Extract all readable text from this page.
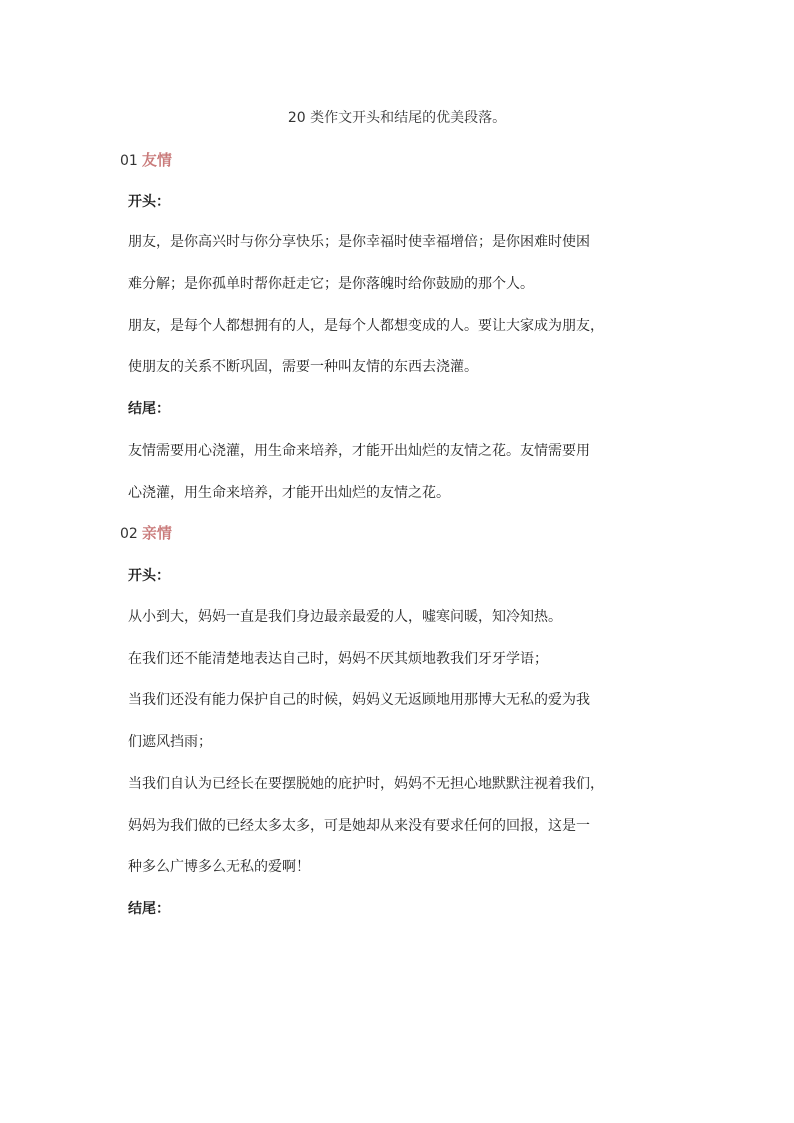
20 类作文开头和结尾的优美段落。
01 友情
开头：
朋友，是你高兴时与你分享快乐；是你幸福时使幸福增倍；是你困难时使困
难分解；是你孤单时帮你赶走它；是你落魄时给你鼓励的那个人。
朋友，是每个人都想拥有的人，是每个人都想变成的人。要让大家成为朋友，
使朋友的关系不断巩固，需要一种叫友情的东西去浇灌。
结尾：
友情需要用心浇灌，用生命来培养，才能开出灿烂的友情之花。友情需要用
心浇灌，用生命来培养，才能开出灿烂的友情之花。
02 亲情
开头：
从小到大，妈妈一直是我们身边最亲最爱的人，嘘寒问暖，知冷知热。
在我们还不能清楚地表达自己时，妈妈不厌其烦地教我们牙牙学语；
当我们还没有能力保护自己的时候，妈妈义无返顾地用那博大无私的爱为我
们遮风挡雨；
当我们自认为已经长在要摆脱她的庇护时，妈妈不无担心地默默注视着我们，
妈妈为我们做的已经太多太多，可是她却从来没有要求任何的回报，这是一
种多么广博多么无私的爱啊！
结尾：
